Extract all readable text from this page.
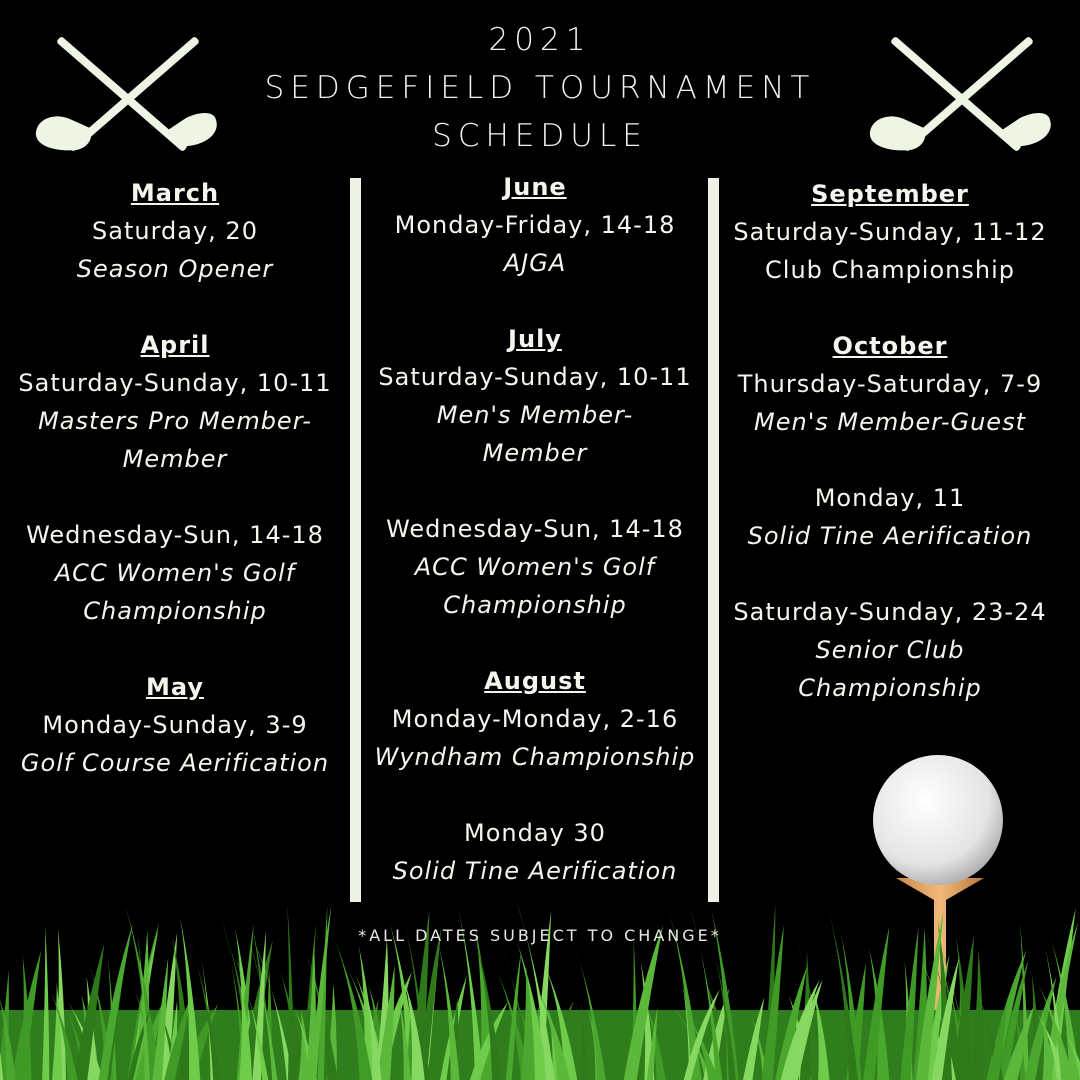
2021
SEDGEFIELD TOURNAMENT
SCHEDULE
March
Saturday, 20
Season Opener
April
Saturday-Sunday, 10-11
Masters Pro Member-
Member
Wednesday-Sun, 14-18
ACC Women's Golf
Championship
May
Monday-Sunday, 3-9
Golf Course Aerification
June
Monday-Friday, 14-18
AJGA
July
Saturday-Sunday, 10-11
Men's Member-
Member
Wednesday-Sun, 14-18
ACC Women's Golf
Championship
August
Monday-Monday, 2-16
Wyndham Championship
Monday 30
Solid Tine Aerification
September
Saturday-Sunday, 11-12
Club Championship
October
Thursday-Saturday, 7-9
Men's Member-Guest
Monday, 11
Solid Tine Aerification
Saturday-Sunday, 23-24
Senior Club
Championship
*ALL DATES SUBJECT TO CHANGE*
